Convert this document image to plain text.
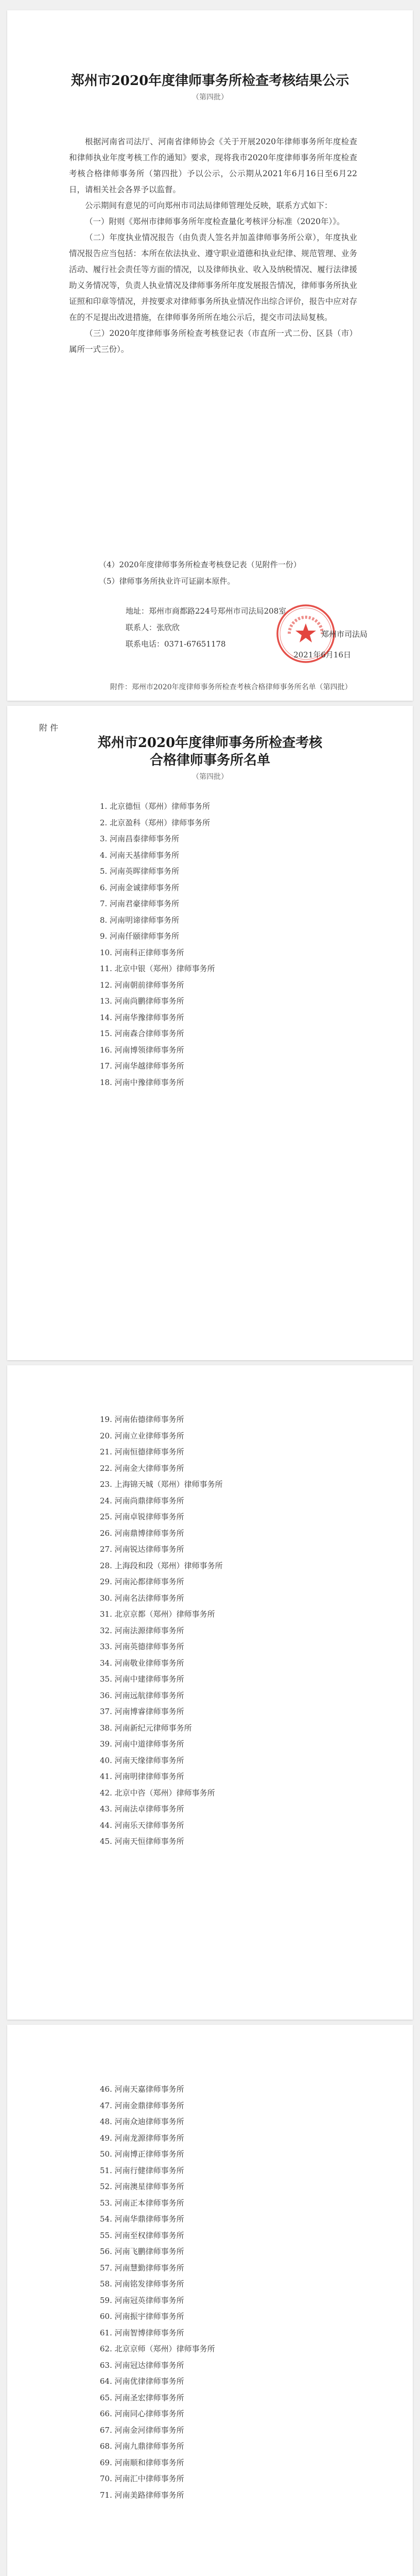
郑州市2020年度律师事务所检查考核结果公示
（第四批）

根据河南省司法厅、河南省律师协会《关于开展2020年律师事务所年度检查和律师执业年度考核工作的通知》要求，现将我市2020年度律师事务所年度检查考核合格律师事务所（第四批）予以公示，公示期从2021年6月16日至6月22日，请相关社会各界予以监督。

公示期间有意见的可向郑州市司法局律师管理处反映，联系方式如下：

（一）附则《郑州市律师事务所年度检查量化考核评分标准（2020年）》。

（二）年度执业情况报告（由负责人签名并加盖律师事务所公章），年度执业情况报告应当包括：本所在依法执业、遵守职业道德和执业纪律、规范管理、业务活动、履行社会责任等方面的情况，以及律师执业、收入及纳税情况、履行法律援助义务情况等，负责人执业情况及律师事务所年度发展报告情况，律师事务所执业证照和印章等情况，并按要求对律师事务所执业情况作出综合评价，报告中应对存在的不足提出改进措施，在律师事务所所在地公示后，提交市司法局复核。

（三）2020年度律师事务所检查考核登记表（市直所一式二份、区县（市）属所一式三份）。

（4）2020年度律师事务所检查考核登记表（见附件一份）
（5）律师事务所执业许可证副本原件。
地址：郑州市商都路224号郑州市司法局208室
联系人：张欣欣
联系电话：0371-67651178
郑州市司法局
2021年6月16日
附件：郑州市2020年度律师事务所检查考核合格律师事务所名单（第四批）
附 件
郑州市2020年度律师事务所检查考核
合格律师事务所名单
（第四批）
1. 北京德恒（郑州）律师事务所
2. 北京盈科（郑州）律师事务所
3. 河南昌泰律师事务所
4. 河南天基律师事务所
5. 河南英晖律师事务所
6. 河南金诚律师事务所
7. 河南君豪律师事务所
8. 河南明谛律师事务所
9. 河南仟颐律师事务所
10. 河南科正律师事务所
11. 北京中银（郑州）律师事务所
12. 河南朝前律师事务所
13. 河南尚鹏律师事务所
14. 河南华豫律师事务所
15. 河南森合律师事务所
16. 河南博领律师事务所
17. 河南华越律师事务所
18. 河南中豫律师事务所
19. 河南佑德律师事务所
20. 河南立业律师事务所
21. 河南恒德律师事务所
22. 河南金大律师事务所
23. 上海锦天城（郑州）律师事务所
24. 河南尚鼎律师事务所
25. 河南卓锐律师事务所
26. 河南鼎博律师事务所
27. 河南锐达律师事务所
28. 上海段和段（郑州）律师事务所
29. 河南沁都律师事务所
30. 河南名法律师事务所
31. 北京京都（郑州）律师事务所
32. 河南法源律师事务所
33. 河南英德律师事务所
34. 河南敬业律师事务所
35. 河南中建律师事务所
36. 河南远航律师事务所
37. 河南博睿律师事务所
38. 河南新纪元律师事务所
39. 河南中道律师事务所
40. 河南天缘律师事务所
41. 河南明律律师事务所
42. 北京中咨（郑州）律师事务所
43. 河南法卓律师事务所
44. 河南乐天律师事务所
45. 河南天恒律师事务所
46. 河南天嘉律师事务所
47. 河南金鼎律师事务所
48. 河南众迪律师事务所
49. 河南龙源律师事务所
50. 河南博正律师事务所
51. 河南行健律师事务所
52. 河南澳星律师事务所
53. 河南正本律师事务所
54. 河南华鼎律师事务所
55. 河南至权律师事务所
56. 河南飞鹏律师事务所
57. 河南慧勤律师事务所
58. 河南铭发律师事务所
59. 河南冠英律师事务所
60. 河南振宇律师事务所
61. 河南智博律师事务所
62. 北京京师（郑州）律师事务所
63. 河南冠达律师事务所
64. 河南优律律师事务所
65. 河南圣宏律师事务所
66. 河南同心律师事务所
67. 河南金河律师事务所
68. 河南九鼎律师事务所
69. 河南顺和律师事务所
70. 河南汇中律师事务所
71. 河南美路律师事务所
